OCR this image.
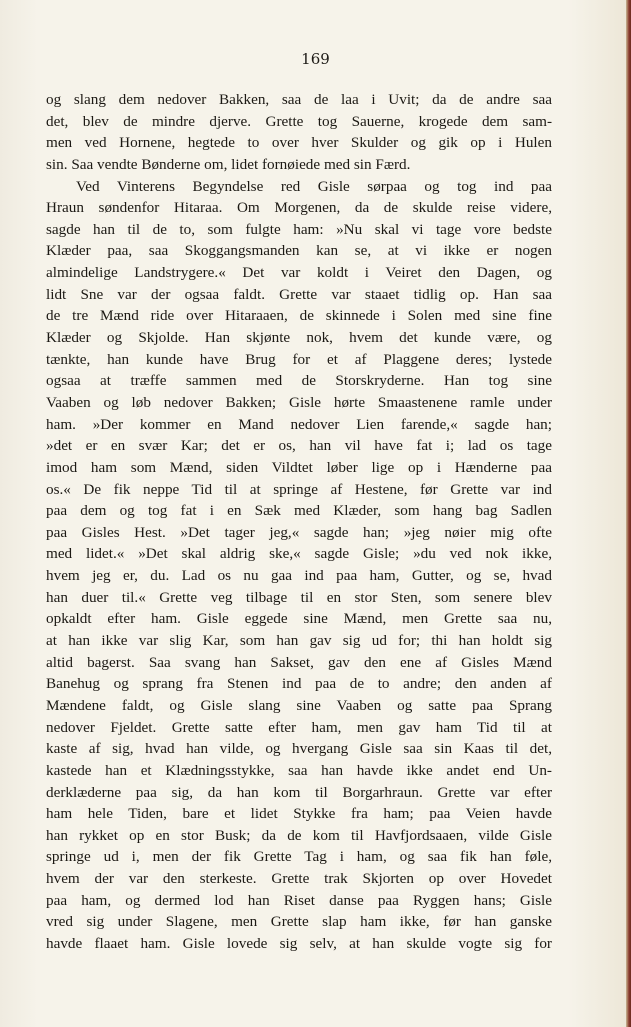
169
og slang dem nedover Bakken, saa de laa i Uvit; da de andre saa
det, blev de mindre djerve. Grette tog Sauerne, krogede dem sam-
men ved Hornene, hegtede to over hver Skulder og gik op i Hulen
sin. Saa vendte Bønderne om, lidet fornøiede med sin Færd.
Ved Vinterens Begyndelse red Gisle sørpaa og tog ind paa
Hraun søndenfor Hitaraa. Om Morgenen, da de skulde reise videre,
sagde han til de to, som fulgte ham: »Nu skal vi tage vore bedste
Klæder paa, saa Skoggangsmanden kan se, at vi ikke er nogen
almindelige Landstrygere.« Det var koldt i Veiret den Dagen, og
lidt Sne var der ogsaa faldt. Grette var staaet tidlig op. Han saa
de tre Mænd ride over Hitaraaen, de skinnede i Solen med sine fine
Klæder og Skjolde. Han skjønte nok, hvem det kunde være, og
tænkte, han kunde have Brug for et af Plaggene deres; lystede
ogsaa at træffe sammen med de Storskryderne. Han tog sine
Vaaben og løb nedover Bakken; Gisle hørte Smaastenene ramle under
ham. »Der kommer en Mand nedover Lien farende,« sagde han;
»det er en svær Kar; det er os, han vil have fat i; lad os tage
imod ham som Mænd, siden Vildtet løber lige op i Hænderne paa
os.« De fik neppe Tid til at springe af Hestene, før Grette var ind
paa dem og tog fat i en Sæk med Klæder, som hang bag Sadlen
paa Gisles Hest. »Det tager jeg,« sagde han; »jeg nøier mig ofte
med lidet.« »Det skal aldrig ske,« sagde Gisle; »du ved nok ikke,
hvem jeg er, du. Lad os nu gaa ind paa ham, Gutter, og se, hvad
han duer til.« Grette veg tilbage til en stor Sten, som senere blev
opkaldt efter ham. Gisle eggede sine Mænd, men Grette saa nu,
at han ikke var slig Kar, som han gav sig ud for; thi han holdt sig
altid bagerst. Saa svang han Sakset, gav den ene af Gisles Mænd
Banehug og sprang fra Stenen ind paa de to andre; den anden af
Mændene faldt, og Gisle slang sine Vaaben og satte paa Sprang
nedover Fjeldet. Grette satte efter ham, men gav ham Tid til at
kaste af sig, hvad han vilde, og hvergang Gisle saa sin Kaas til det,
kastede han et Klædningsstykke, saa han havde ikke andet end Un-
derklæderne paa sig, da han kom til Borgarhraun. Grette var efter
ham hele Tiden, bare et lidet Stykke fra ham; paa Veien havde
han rykket op en stor Busk; da de kom til Havfjordsaaen, vilde Gisle
springe ud i, men der fik Grette Tag i ham, og saa fik han føle,
hvem der var den sterkeste. Grette trak Skjorten op over Hovedet
paa ham, og dermed lod han Riset danse paa Ryggen hans; Gisle
vred sig under Slagene, men Grette slap ham ikke, før han ganske
havde flaaet ham. Gisle lovede sig selv, at han skulde vogte sig for
